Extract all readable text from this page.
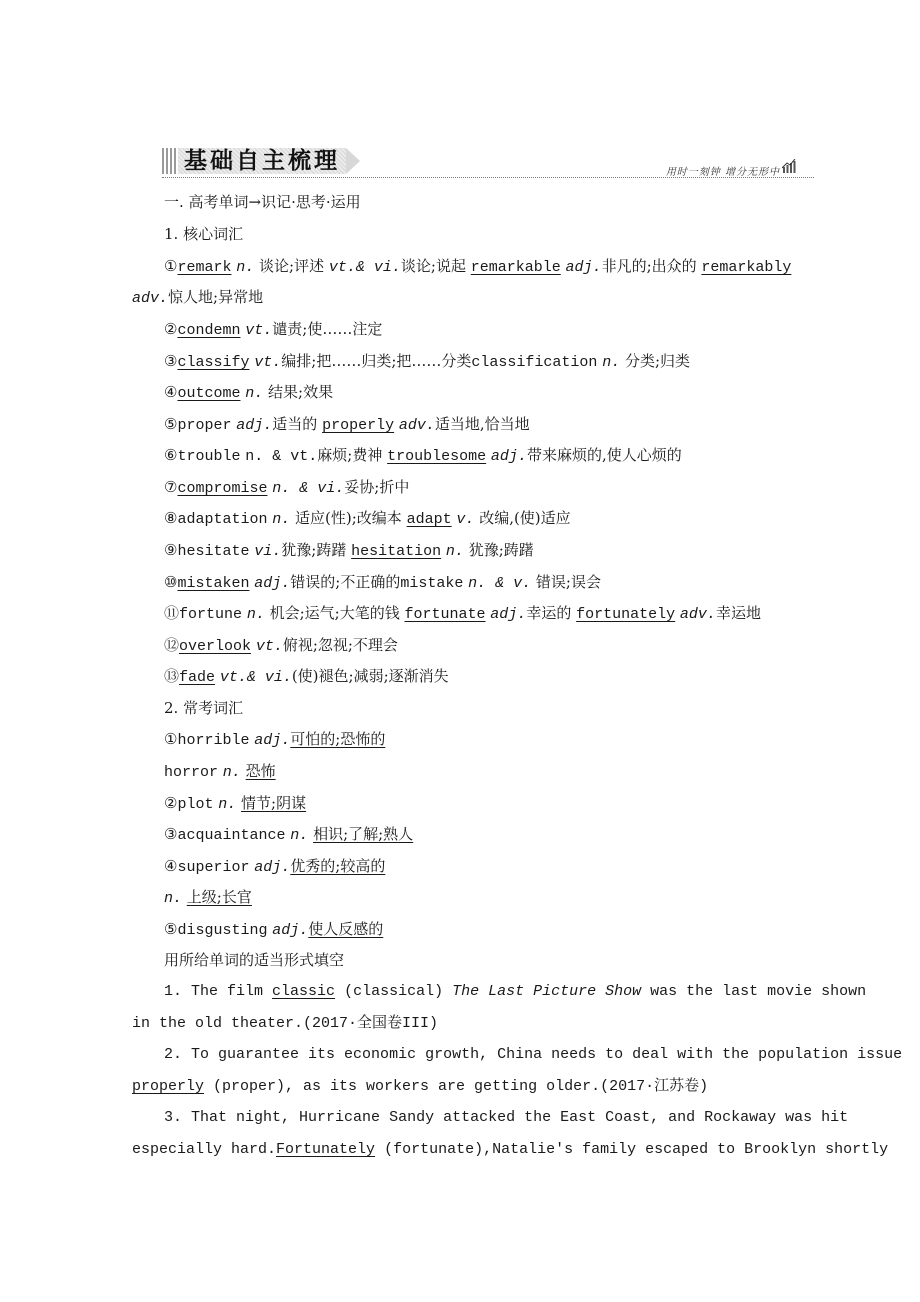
基础自主梳理	用时一刻钟 增分无形中
一. 高考单词→识记·思考·运用
1. 核心词汇
①remark n. 谈论;评述 vt.& vi.谈论;说起 remarkable adj.非凡的;出众的 remarkably
adv.惊人地;异常地
②condemn vt.谴责;使……注定
③classify vt.编排;把……归类;把……分类classification n. 分类;归类
④outcome n. 结果;效果
⑤proper adj.适当的 properly adv.适当地,恰当地
⑥trouble n. & vt.麻烦;费神 troublesome adj.带来麻烦的,使人心烦的
⑦compromise n. & vi.妥协;折中
⑧adaptation n. 适应(性);改编本 adapt v. 改编,(使)适应
⑨hesitate vi.犹豫;踌躇 hesitation n. 犹豫;踌躇
⑩mistaken adj.错误的;不正确的mistake n. & v. 错误;误会
⑪fortune n. 机会;运气;大笔的钱 fortunate adj.幸运的 fortunately adv.幸运地
⑫overlook vt.俯视;忽视;不理会
⑬fade vt.& vi.(使)褪色;减弱;逐渐消失
2. 常考词汇
①horrible adj.可怕的;恐怖的
horror n. 恐怖
②plot n. 情节;阴谋
③acquaintance n. 相识;了解;熟人
④superior adj.优秀的;较高的
n. 上级;长官
⑤disgusting adj.使人反感的
用所给单词的适当形式填空
1. The film classic (classical) The Last Picture Show was the last movie shown
in the old theater.(2017·全国卷III)
2. To guarantee its economic growth, China needs to deal with the population issue
properly (proper), as its workers are getting older.(2017·江苏卷)
3. That night, Hurricane Sandy attacked the East Coast, and Rockaway was hit
especially hard.Fortunately (fortunate),Natalie's family escaped to Brooklyn shortly
